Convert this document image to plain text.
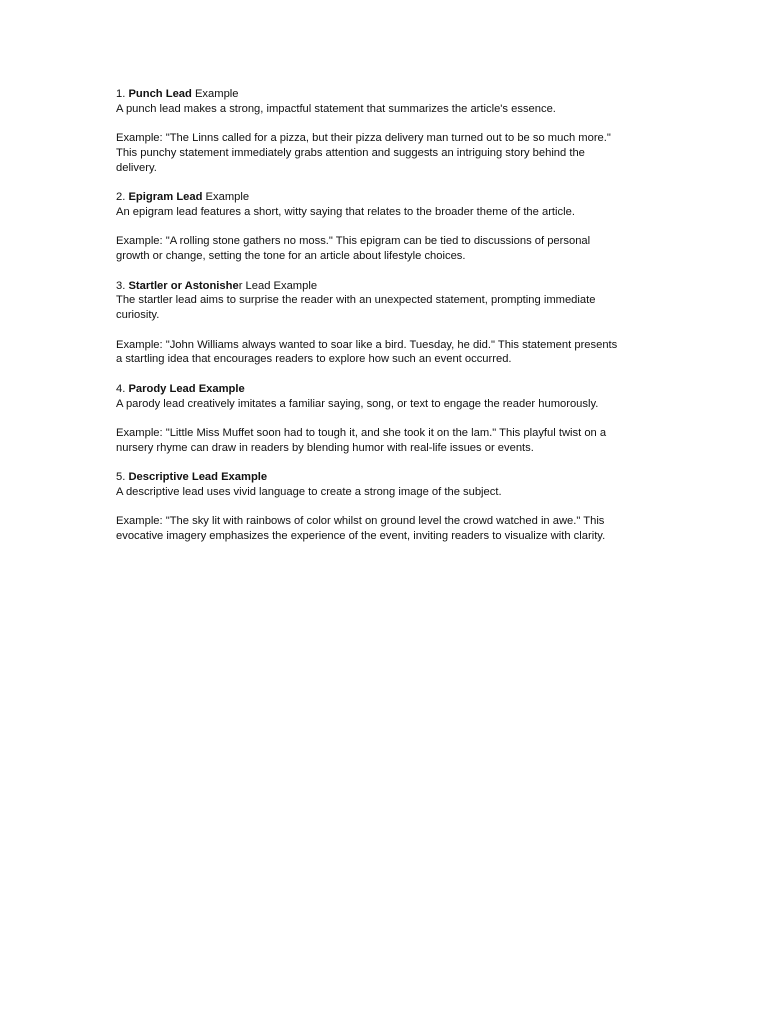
1. Punch Lead Example
A punch lead makes a strong, impactful statement that summarizes the article's essence.
Example: "The Linns called for a pizza, but their pizza delivery man turned out to be so much more."
This punchy statement immediately grabs attention and suggests an intriguing story behind the
delivery.
2. Epigram Lead Example
An epigram lead features a short, witty saying that relates to the broader theme of the article.
Example: "A rolling stone gathers no moss." This epigram can be tied to discussions of personal
growth or change, setting the tone for an article about lifestyle choices.
3. Startler or Astonisher Lead Example
The startler lead aims to surprise the reader with an unexpected statement, prompting immediate
curiosity.
Example: "John Williams always wanted to soar like a bird. Tuesday, he did." This statement presents
a startling idea that encourages readers to explore how such an event occurred.
4. Parody Lead Example
A parody lead creatively imitates a familiar saying, song, or text to engage the reader humorously.
Example: "Little Miss Muffet soon had to tough it, and she took it on the lam." This playful twist on a
nursery rhyme can draw in readers by blending humor with real-life issues or events.
5. Descriptive Lead Example
A descriptive lead uses vivid language to create a strong image of the subject.
Example: "The sky lit with rainbows of color whilst on ground level the crowd watched in awe." This
evocative imagery emphasizes the experience of the event, inviting readers to visualize with clarity.
